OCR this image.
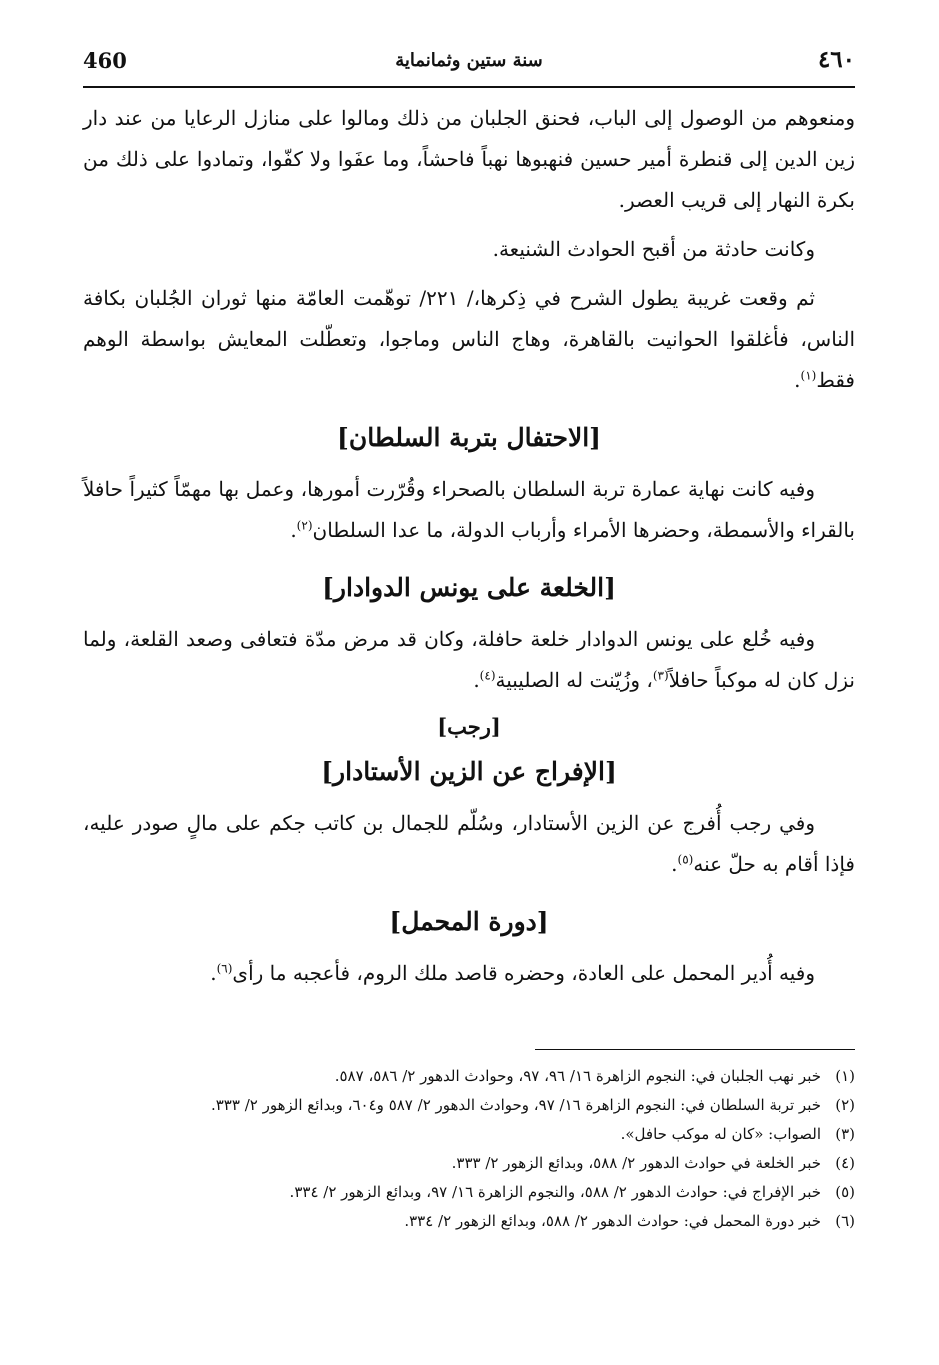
460	سنة ستين وثمانماية	٤٦٠

ومنعوهم من الوصول إلى الباب، فحنق الجلبان من ذلك ومالوا على منازل الرعايا من عند دار زين الدين إلى قنطرة أمير حسين فنهبوها نهباً فاحشاً، وما عفَوا ولا كفّوا، وتمادوا على ذلك من بكرة النهار إلى قريب العصر.

وكانت حادثة من أقبح الحوادث الشنيعة.

ثم وقعت غريبة يطول الشرح في ذِكرها،/ ٢٢١/ توهّمت العامّة منها ثوران الجُلبان بكافة الناس، فأغلقوا الحوانيت بالقاهرة، وهاج الناس وماجوا، وتعطّلت المعايش بواسطة الوهم فقط$^{(١)}$.

[الاحتفال بتربة السلطان]

وفيه كانت نهاية عمارة تربة السلطان بالصحراء وقُرّرت أمورها، وعمل بها مهمّاً كثيراً حافلاً بالقراء والأسمطة، وحضرها الأمراء وأرباب الدولة، ما عدا السلطان$^{(٢)}$.

[الخلعة على يونس الدوادار]

وفيه خُلع على يونس الدوادار خلعة حافلة، وكان قد مرض مدّة فتعافى وصعد القلعة، ولما نزل كان له موكباً حافلاً$^{(٣)}$، وزُيّنت له الصليبية$^{(٤)}$.

[رجب]
[الإفراج عن الزين الأستادار]

وفي رجب أُفرج عن الزين الأستادار، وسُلّم للجمال بن كاتب جكم على مالٍ صودر عليه، فإذا أقام به حلّ عنه$^{(٥)}$.

[دورة المحمل]

وفيه أُدير المحمل على العادة، وحضره قاصد ملك الروم، فأعجبه ما رأى$^{(٦)}$.

(١)
خبر نهب الجلبان في: النجوم الزاهرة ١٦/ ٩٦، ٩٧، وحوادث الدهور ٢/ ٥٨٦، ٥٨٧.

(٢)
خبر تربة السلطان في: النجوم الزاهرة ١٦/ ٩٧، وحوادث الدهور ٢/ ٥٨٧ و٦٠٤، وبدائع الزهور ٢/ ٣٣٣.

(٣)
الصواب: «كان له موكب حافل».

(٤)
خبر الخلعة في حوادث الدهور ٢/ ٥٨٨، وبدائع الزهور ٢/ ٣٣٣.

(٥)
خبر الإفراج في: حوادث الدهور ٢/ ٥٨٨، والنجوم الزاهرة ١٦/ ٩٧، وبدائع الزهور ٢/ ٣٣٤.

(٦)
خبر دورة المحمل في: حوادث الدهور ٢/ ٥٨٨، وبدائع الزهور ٢/ ٣٣٤.
